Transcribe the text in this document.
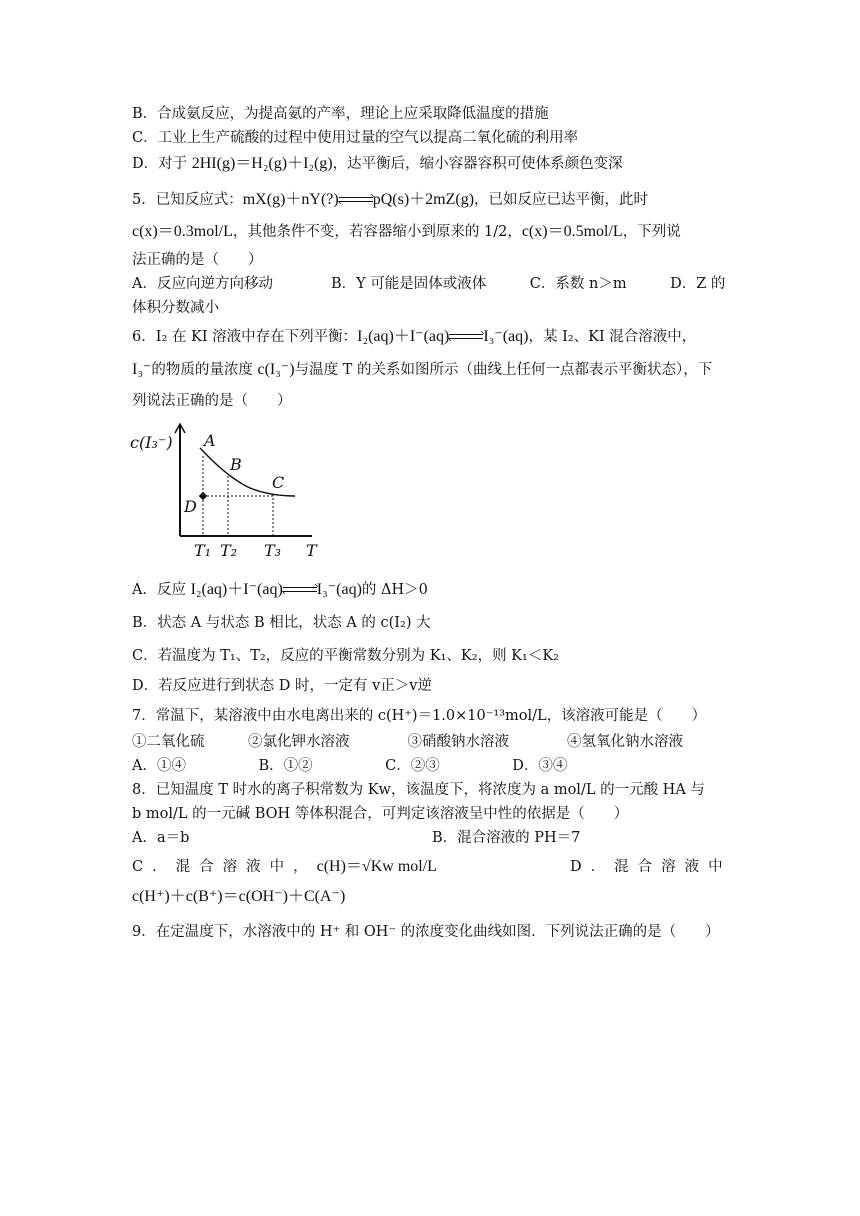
B．合成氨反应，为提高氨的产率，理论上应采取降低温度的措施
C．工业上生产硫酸的过程中使用过量的空气以提高二氧化硫的利用率
D．对于 2HI(g)＝H₂(g)＋I₂(g)，达平衡后，缩小容器容积可使体系颜色变深
5．已知反应式：mX(g)＋nY(?) pQ(s)＋2mZ(g)，已如反应已达平衡，此时
c(x)＝0.3mol/L，其他条件不变，若容器缩小到原来的 1/2，c(x)＝0.5mol/L，下列说
法正确的是（　　）
A．反应向逆方向移动　　　　B．Y 可能是固体或液体　　　C．系数 n＞m　　　D．Z 的
体积分数减小
6．I₂ 在 KI 溶液中存在下列平衡：I₂(aq)＋I⁻(aq) I₃⁻(aq)，某 I₂、KI 混合溶液中，
I₃⁻的物质的量浓度 c(I₃⁻)与温度 T 的关系如图所示（曲线上任何一点都表示平衡状态），下
列说法正确的是（　　）
c(I₃⁻) A
B
C
D
T₁ T₂ T₃ T
A．反应 I₂(aq)＋I⁻(aq) I₃⁻(aq)的 ΔH＞0
B．状态 A 与状态 B 相比，状态 A 的 c(I₂) 大
C．若温度为 T₁、T₂，反应的平衡常数分别为 K₁、K₂，则 K₁＜K₂
D．若反应进行到状态 D 时，一定有 v正＞v逆
7．常温下，某溶液中由水电离出来的 c(H⁺)＝1.0×10⁻¹³mol/L，该溶液可能是（　　）
①二氧化硫　　　②氯化钾水溶液　　　　③硝酸钠水溶液　　　　④氢氧化钠水溶液
A．①④　　　　　B．①②　　　　　C．②③　　　　　D．③④
8．已知温度 T 时水的离子积常数为 Kw，该温度下，将浓度为 a mol/L 的一元酸 HA 与
b mol/L 的一元碱 BOH 等体积混合，可判定该溶液呈中性的依据是（　　）
A．a＝b	B．混合溶液的 PH＝7
C．混合溶液中，c(H)＝√Kw mol/L	D．混合溶液中
c(H⁺)＋c(B⁺)＝c(OH⁻)＋C(A⁻)
9．在定温度下，水溶液中的 H⁺ 和 OH⁻ 的浓度变化曲线如图．下列说法正确的是（　　）
